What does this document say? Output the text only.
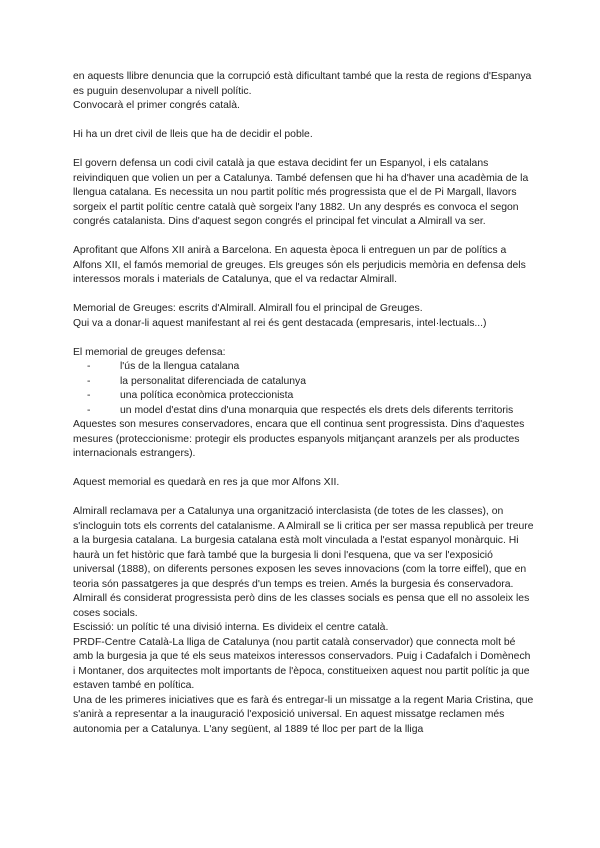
en aquests llibre denuncia que la corrupció està dificultant també que la resta de regions d'Espanya es puguin desenvolupar a nivell polític.

Convocarà el primer congrés català.

Hi ha un dret civil de lleis que ha de decidir el poble.

El govern defensa un codi civil català ja que estava decidint fer un Espanyol, i els catalans reivindiquen que volien un per a Catalunya. També defensen que hi ha d'haver una acadèmia de la llengua catalana. Es necessita un nou partit polític més progressista que el de Pi Margall, llavors sorgeix el partit polític centre català què sorgeix l'any 1882. Un any després es convoca el segon congrés catalanista. Dins d'aquest segon congrés el principal fet vinculat a Almirall va ser.

Aprofitant que Alfons XII anirà a Barcelona. En aquesta època li entreguen un par de polítics a Alfons XII, el famós memorial de greuges. Els greuges són els perjudicis memòria en defensa dels interessos morals i materials de Catalunya, que el va redactar Almirall.

Memorial de Greuges: escrits d'Almirall. Almirall fou el principal de Greuges.

Qui va a donar-li aquest manifestant al rei és gent destacada (empresaris, intel·lectuals...)

El memorial de greuges defensa:

-	l'ús de la llengua catalana
-	la personalitat diferenciada de catalunya
-	una política econòmica proteccionista
-	un model d'estat dins d'una monarquia que respectés els drets dels diferents territoris

Aquestes son mesures conservadores, encara que ell continua sent progressista. Dins d'aquestes mesures (proteccionisme: protegir els productes espanyols mitjançant aranzels per als productes internacionals estrangers).

Aquest memorial es quedarà en res ja que mor Alfons XII.

Almirall reclamava per a Catalunya una organització interclasista (de totes de les classes), on s'incloguin tots els corrents del catalanisme. A Almirall se li critica per ser massa republicà per treure a la burgesia catalana. La burgesia catalana està molt vinculada a l'estat espanyol monàrquic. Hi haurà un fet històric que farà també que la burgesia li doni l'esquena, que va ser l'exposició universal (1888), on diferents persones exposen les seves innovacions (com la torre eiffel), que en teoria són passatgeres ja que després d'un temps es treien. Amés la burgesia és conservadora. Almirall és considerat progressista però dins de les classes socials es pensa que ell no assoleix les coses socials.

Escissió: un polític té una divisió interna. Es divideix el centre català.

PRDF-Centre Català-La lliga de Catalunya (nou partit català conservador) que connecta molt bé amb la burgesia ja que té els seus mateixos interessos conservadors. Puig i Cadafalch i Domènech i Montaner, dos arquitectes molt importants de l'època, constitueixen aquest nou partit polític ja que estaven també en política.

Una de les primeres iniciatives que es farà és entregar-li un missatge a la regent Maria Cristina, que s'anirà a representar a la inauguració l'exposició universal. En aquest missatge reclamen més autonomia per a Catalunya. L'any següent, al 1889 té lloc per part de la lliga
